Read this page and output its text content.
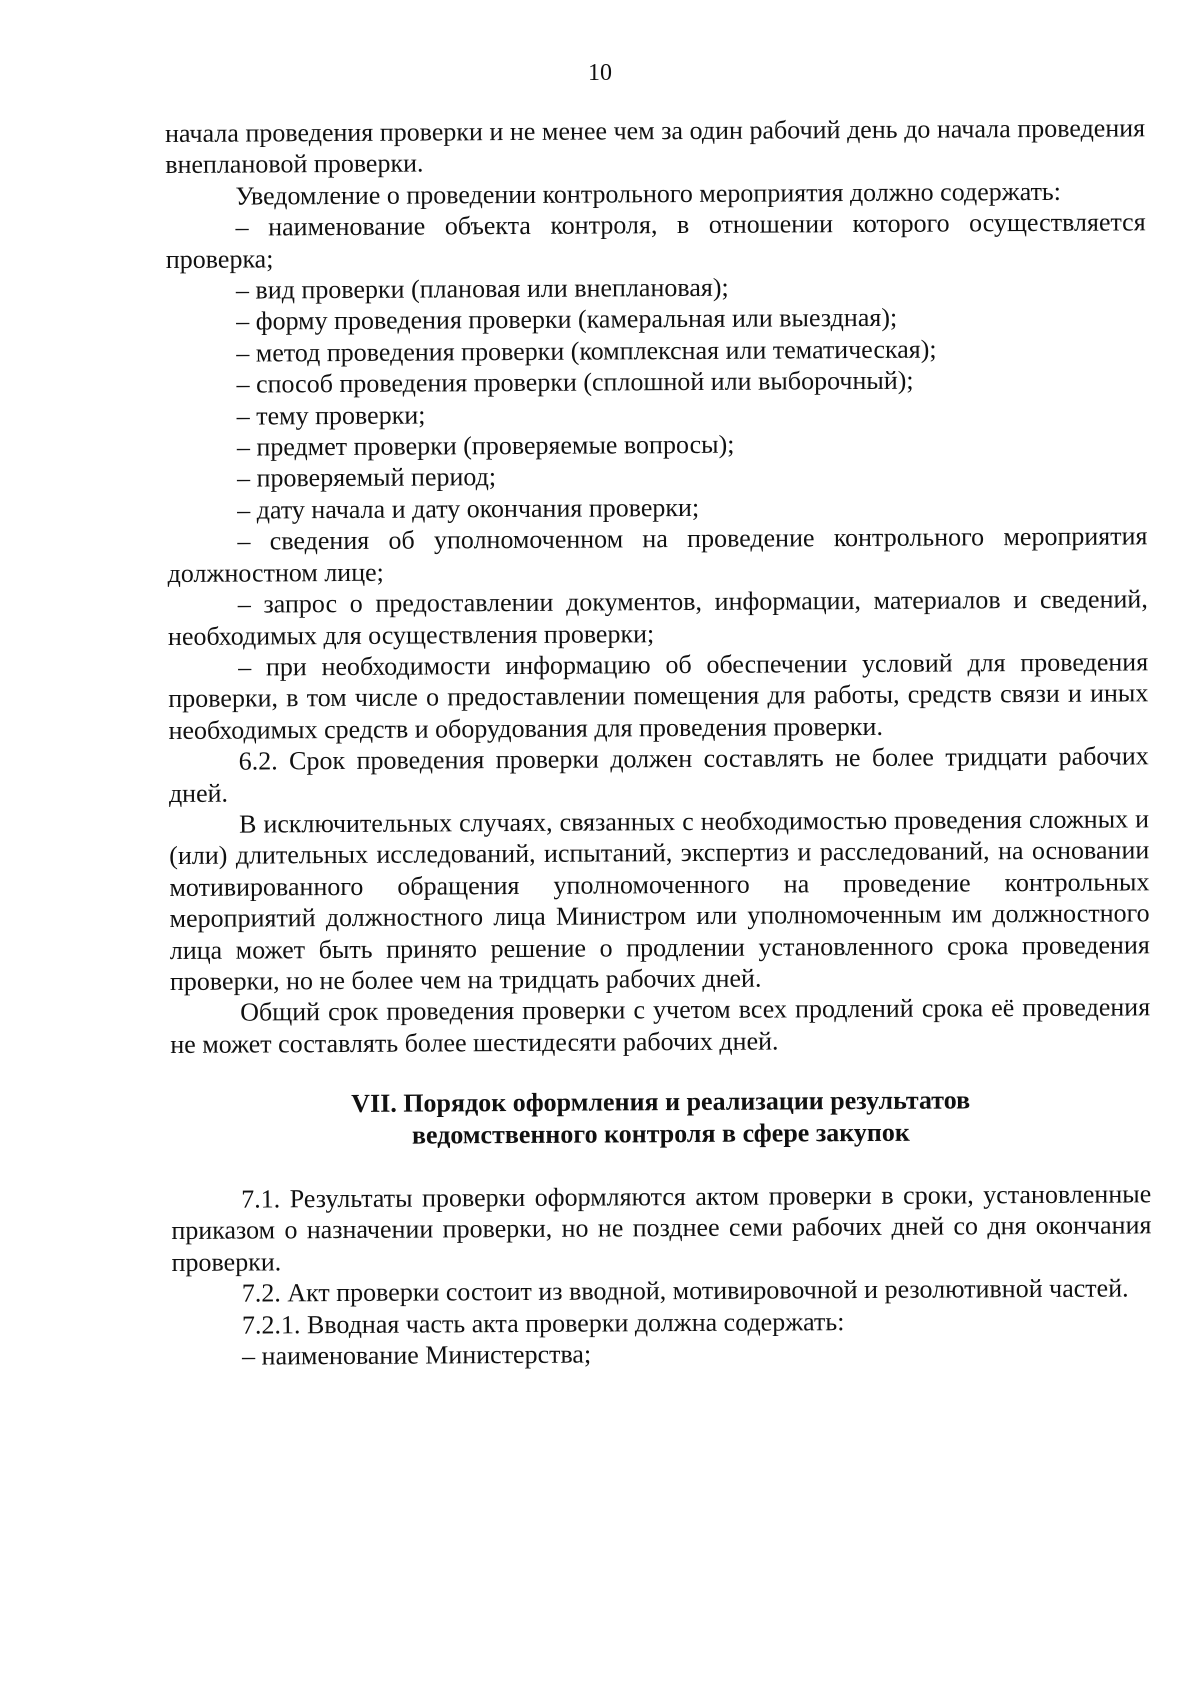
10

начала проведения проверки и не менее чем за один рабочий день до начала проведения внеплановой проверки.

Уведомление о проведении контрольного мероприятия должно содержать:

– наименование объекта контроля, в отношении которого осуществляется проверка;

– вид проверки (плановая или внеплановая);

– форму проведения проверки (камеральная или выездная);

– метод проведения проверки (комплексная или тематическая);

– способ проведения проверки (сплошной или выборочный);

– тему проверки;

– предмет проверки (проверяемые вопросы);

– проверяемый период;

– дату начала и дату окончания проверки;

– сведения об уполномоченном на проведение контрольного мероприятия должностном лице;

– запрос о предоставлении документов, информации, материалов и сведений, необходимых для осуществления проверки;

– при необходимости информацию об обеспечении условий для проведения проверки, в том числе о предоставлении помещения для работы, средств связи и иных необходимых средств и оборудования для проведения проверки.

6.2. Срок проведения проверки должен составлять не более тридцати рабочих дней.

В исключительных случаях, связанных с необходимостью проведения сложных и (или) длительных исследований, испытаний, экспертиз и расследований, на основании мотивированного обращения уполномоченного на проведение контрольных мероприятий должностного лица Министром или уполномоченным им должностного лица может быть принято решение о продлении установленного срока проведения проверки, но не более чем на тридцать рабочих дней.

Общий срок проведения проверки с учетом всех продлений срока её проведения не может составлять более шестидесяти рабочих дней.

VII. Порядок оформления и реализации результатов
ведомственного контроля в сфере закупок

7.1. Результаты проверки оформляются актом проверки в сроки, установленные приказом о назначении проверки, но не позднее семи рабочих дней со дня окончания проверки.

7.2. Акт проверки состоит из вводной, мотивировочной и резолютивной частей.

7.2.1. Вводная часть акта проверки должна содержать:

– наименование Министерства;
